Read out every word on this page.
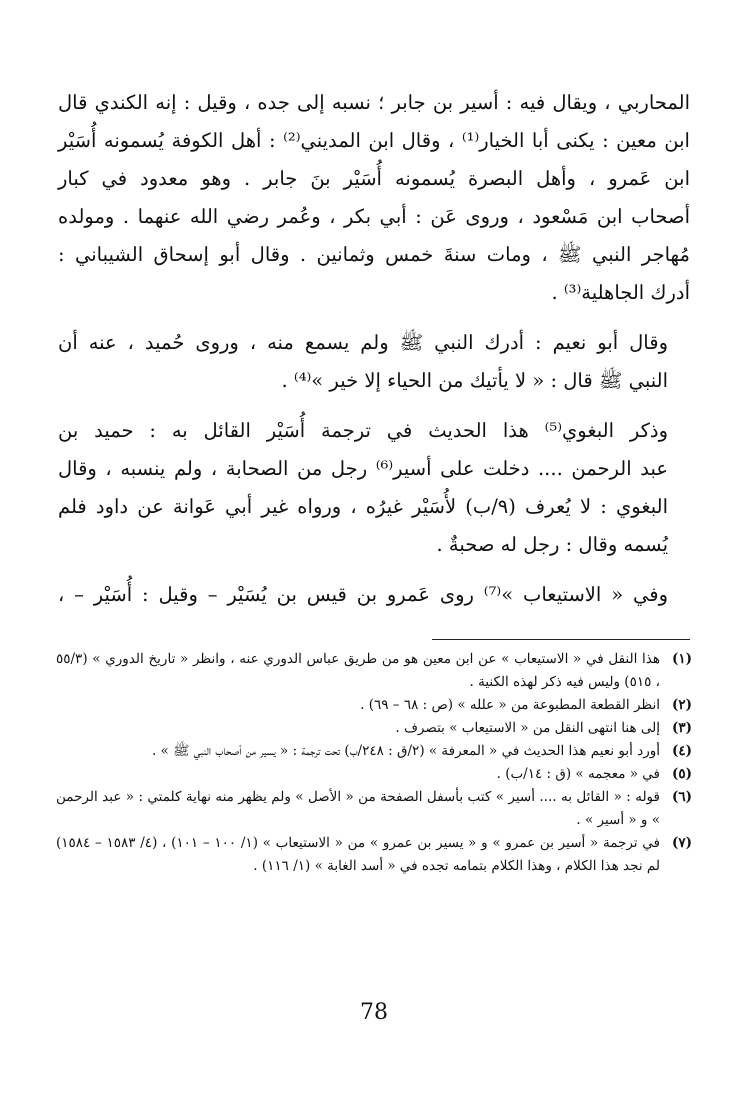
المحاربي ، ويقال فيه : أسير بن جابر ؛ نسبه إلى جده ، وقيل : إنه الكندي قال
ابن معين : يكنى أبا الخيار⁽¹⁾ ، وقال ابن المديني⁽²⁾ : أهل الكوفة يُسمونه أُسَيْر
ابن عَمرو ، وأهل البصرة يُسمونه أُسَيْر بنَ جابر . وهو معدود في كبار
أصحاب ابن مَسْعود ، وروى عَن : أبي بكر ، وعُمر رضي الله عنهما . ومولده
مُهاجر النبي ﷺ ، ومات سنةَ خمس وثمانين . وقال أبو إسحاق الشيباني :
أدرك الجاهلية⁽³⁾ .

وقال أبو نعيم : أدرك النبي ﷺ ولم يسمع منه ، وروى حُميد ، عنه أن
النبي ﷺ قال : « لا يأتيك من الحياء إلا خير »⁽⁴⁾ .

وذكر البغوي⁽⁵⁾ هذا الحديث في ترجمة أُسَيْر القائل به : حميد بن
عبد الرحمن .... دخلت على أسير⁽⁶⁾ رجل من الصحابة ، ولم ينسبه ، وقال
البغوي : لا يُعرف (٩/ب) لأُسَيْر غيرُه ، ورواه غير أبي عَوانة عن داود فلم
يُسمه وقال : رجل له صحبةٌ .

وفي « الاستيعاب »⁽⁷⁾ روى عَمرو بن قيس بن يُسَيْر – وقيل : أُسَيْر – ،

(١)
هذا النقل في « الاستيعاب » عن ابن معين هو من طريق عباس الدوري عنه ، وانظر « تاريخ الدوري » (٥٥/٣ ، ٥١٥) وليس فيه ذكر لهذه الكنية .
(٢)
انظر القطعة المطبوعة من « علله » (ص : ٦٨ – ٦٩) .
(٣)
إلى هنا انتهى النقل من « الاستيعاب » بتصرف .
(٤)
أورد أبو نعيم هذا الحديث في « المعرفة » (٢/ق : ٢٤٨/ب) تحت ترجمة : « يسير من أصحاب النبي ﷺ » .
(٥)
في « معجمه » (ق : ١٤/ب) .
(٦)
قوله : « القائل به .... أسير » كتب بأسفل الصفحة من « الأصل » ولم يظهر منه نهاية كلمتي : « عبد الرحمن » و « أسير » .
(٧)
في ترجمة « أسير بن عمرو » و « يسير بن عمرو » من « الاستيعاب » (١/ ١٠٠ – ١٠١) ، (٤/ ١٥٨٣ – ١٥٨٤) لم نجد هذا الكلام ، وهذا الكلام بتمامه تجده في « أسد الغابة » (١/ ١١٦) .
78
